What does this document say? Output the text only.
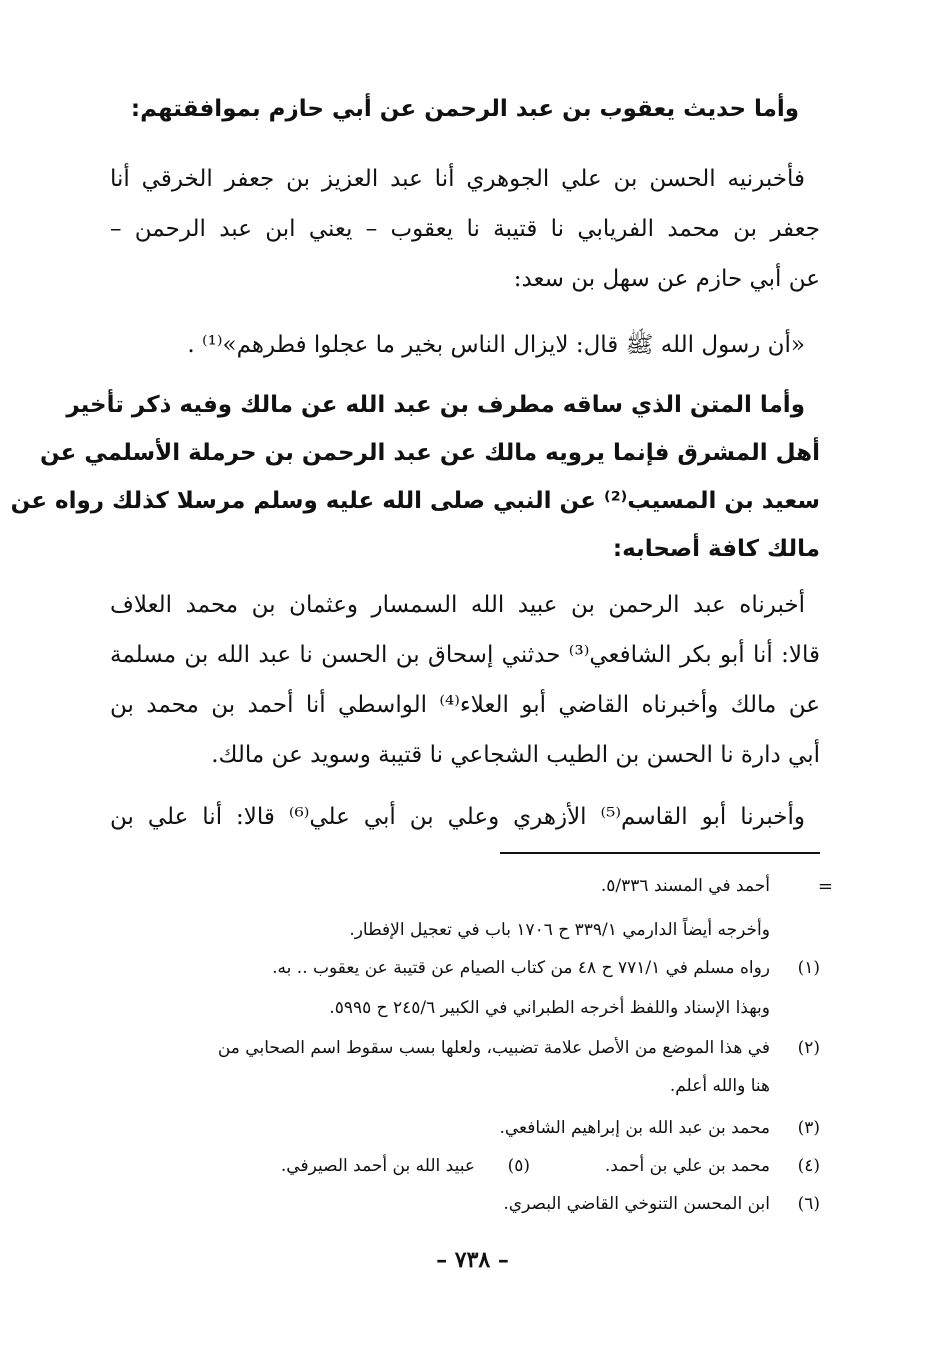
وأما حديث يعقوب بن عبد الرحمن عن أبي حازم بموافقتهم:
فأخبرنيه الحسن بن علي الجوهري أنا عبد العزيز بن جعفر الخرقي أنا
جعفر بن محمد الفريابي نا قتيبة نا يعقوب – يعني ابن عبد الرحمن –
عن أبي حازم عن سهل بن سعد:
«أن رسول الله ﷺ قال: لايزال الناس بخير ما عجلوا فطرهم»⁽¹⁾ .
وأما المتن الذي ساقه مطرف بن عبد الله عن مالك وفيه ذكر تأخير
أهل المشرق فإنما يرويه مالك عن عبد الرحمن بن حرملة الأسلمي عن
سعيد بن المسيب⁽²⁾ عن النبي صلى الله عليه وسلم مرسلا كذلك رواه عن
مالك كافة أصحابه:
أخبرناه عبد الرحمن بن عبيد الله السمسار وعثمان بن محمد العلاف
قالا: أنا أبو بكر الشافعي⁽³⁾ حدثني إسحاق بن الحسن نا عبد الله بن مسلمة
عن مالك وأخبرناه القاضي أبو العلاء⁽⁴⁾ الواسطي أنا أحمد بن محمد بن
أبي دارة نا الحسن بن الطيب الشجاعي نا قتيبة وسويد عن مالك.
وأخبرنا أبو القاسم⁽⁵⁾ الأزهري وعلي بن أبي علي⁽⁶⁾ قالا: أنا علي بن
=
أحمد في المسند ٥/٣٣٦.
وأخرجه أيضاً الدارمي ٣٣٩/١ ح ١٧٠٦ باب في تعجيل الإفطار.
(١)
رواه مسلم في ٧٧١/١ ح ٤٨ من كتاب الصيام عن قتيبة عن يعقوب .. به.
وبهذا الإسناد واللفظ أخرجه الطبراني في الكبير ٢٤٥/٦ ح ٥٩٩٥.
(٢)
في هذا الموضع من الأصل علامة تضبيب، ولعلها بسب سقوط اسم الصحابي من
هنا والله أعلم.
(٣)
محمد بن عبد الله بن إبراهيم الشافعي.
(٤)
محمد بن علي بن أحمد.
(٥)
عبيد الله بن أحمد الصيرفي.
(٦)
ابن المحسن التنوخي القاضي البصري.
– ٧٣٨ –
